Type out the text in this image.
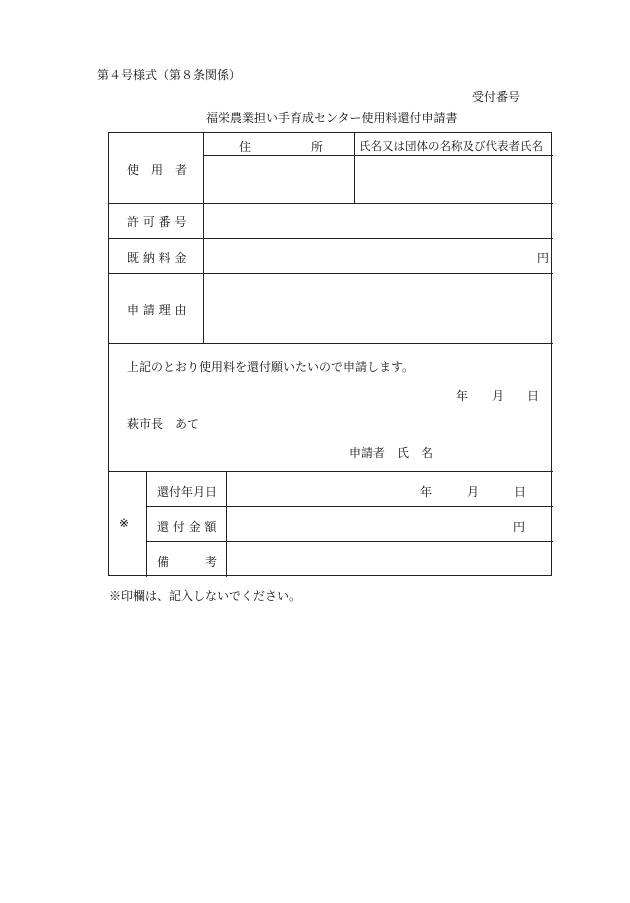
第４号様式（第８条関係）
受付番号
福栄農業担い手育成センター使用料還付申請書
使　用　者
住　　　　　所	氏名又は団体の名称及び代表者氏名
許 可 番 号
既 納 料 金	円
申 請 理 由
上記のとおり使用料を還付願いたいので申請します。
年 月 日
萩市長　あて
申請者　氏　名
※
還付年月日	年	月	日
還 付 金 額	円
備　　　考
※印欄は、記入しないでください。
